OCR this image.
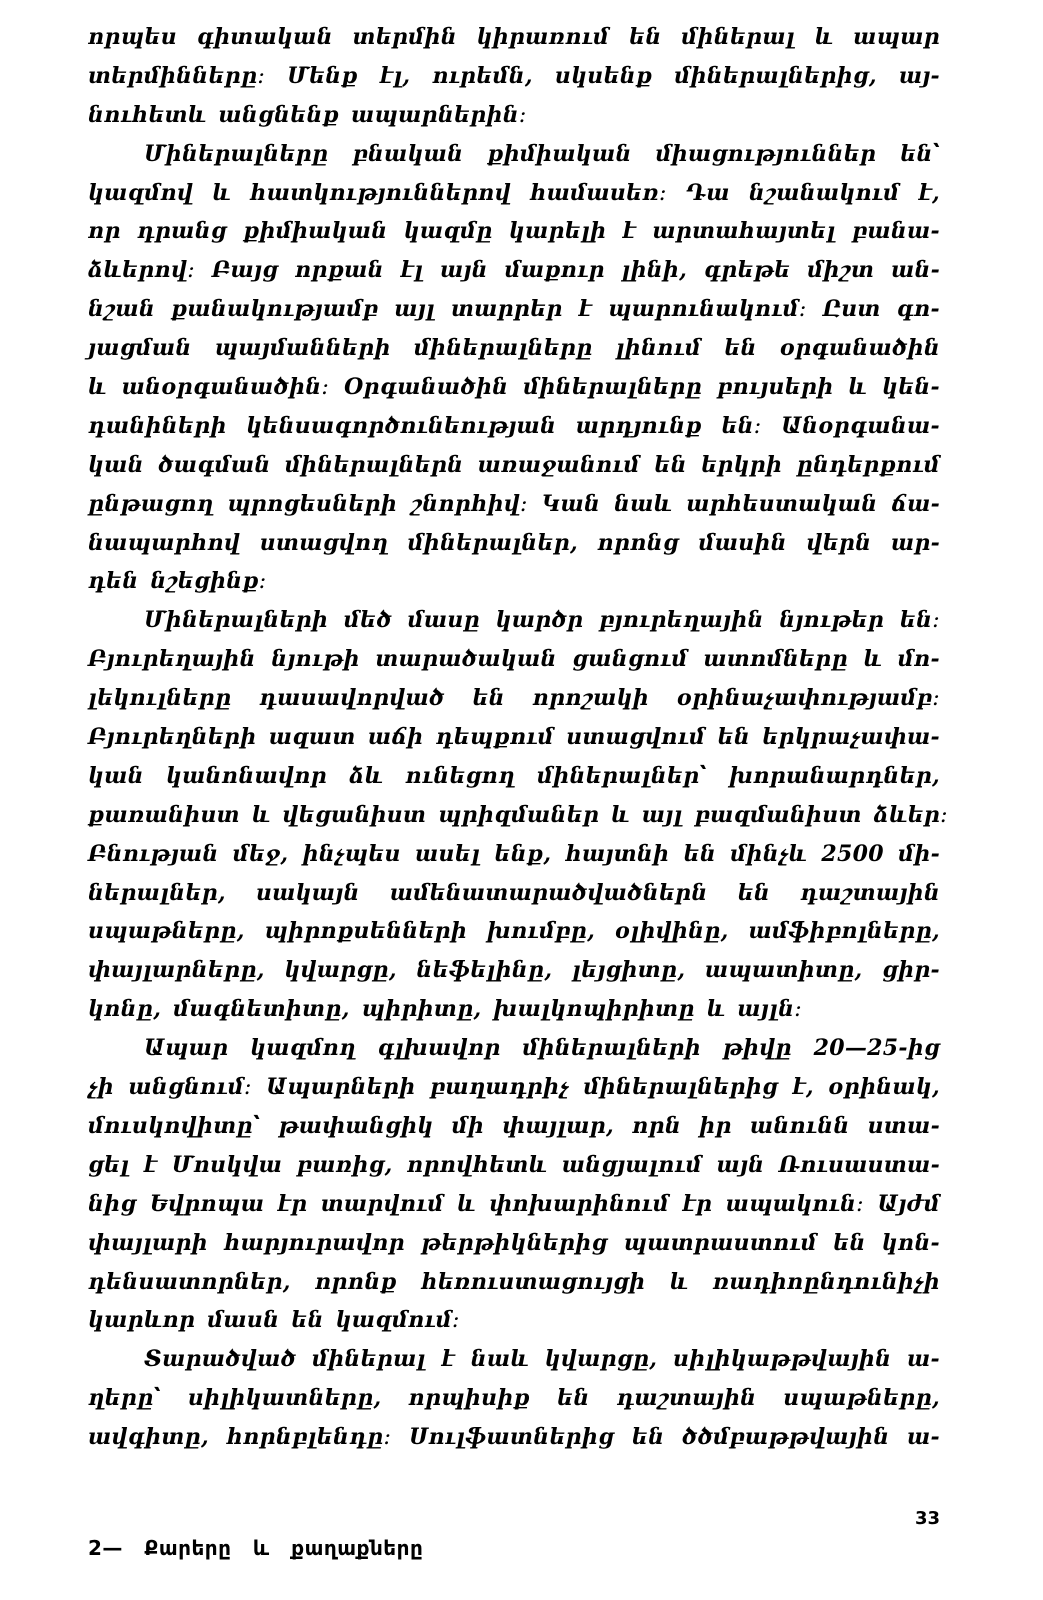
որպես գիտական տերմին կիրառում են միներալ և ապար
տերմինները։ Մենք էլ, ուրեմն, սկսենք միներալներից, այ-
նուհետև անցնենք ապարներին։
Միներալները բնական քիմիական միացություններ են՝
կազմով և հատկություններով համասեռ։ Դա նշանակում է,
որ դրանց քիմիական կազմը կարելի է արտահայտել բանա-
ձևերով։ Բայց որքան էլ այն մաքուր լինի, գրեթե միշտ ան-
նշան քանակությամբ այլ տարրեր է պարունակում։ Ըստ գո-
յացման պայմանների միներալները լինում են օրգանածին
և անօրգանածին։ Օրգանածին միներալները բույսերի և կեն-
դանիների կենսագործունեության արդյունք են։ Անօրգանա-
կան ծագման միներալներն առաջանում են երկրի ընդերքում
ընթացող պրոցեսների շնորհիվ։ Կան նաև արհեստական ճա-
նապարհով ստացվող միներալներ, որոնց մասին վերն ար-
դեն նշեցինք։
Միներալների մեծ մասը կարծր բյուրեղային նյութեր են։
Բյուրեղային նյութի տարածական ցանցում ատոմները և մո-
լեկուլները դասավորված են որոշակի օրինաչափությամբ։
Բյուրեղների ազատ աճի դեպքում ստացվում են երկրաչափա-
կան կանոնավոր ձև ունեցող միներալներ՝ խորանարդներ,
քառանիստ և վեցանիստ պրիզմաներ և այլ բազմանիստ ձևեր։
Բնության մեջ, ինչպես ասել ենք, հայտնի են մինչև 2500 մի-
ներալներ, սակայն ամենատարածվածներն են դաշտային
սպաթները, պիրոքսենների խումբը, օլիվինը, ամֆիբոլները,
փայլարները, կվարցը, նեֆելինը, լեյցիտը, ապատիտը, ցիր-
կոնը, մագնետիտը, պիրիտը, խալկոպիրիտը և այլն։
Ապար կազմող գլխավոր միներալների թիվը 20—25-ից
չի անցնում։ Ապարների բաղադրիչ միներալներից է, օրինակ,
մուսկովիտը՝ թափանցիկ մի փայլար, որն իր անունն ստա-
ցել է Մոսկվա բառից, որովհետև անցյալում այն Ռուսաստա-
նից Եվրոպա էր տարվում և փոխարինում էր ապակուն։ Այժմ
փայլարի հարյուրավոր թերթիկներից պատրաստում են կոն-
դենսատորներ, որոնք հեռուստացույցի և ռադիոընդունիչի
կարևոր մասն են կազմում։
Տարածված միներալ է նաև կվարցը, սիլիկաթթվային ա-
ղերը՝ սիլիկատները, որպիսիք են դաշտային սպաթները,
ավգիտը, հորնբլենդը։ Սուլֆատներից են ծծմբաթթվային ա-
2— Քարերը և քաղաքները
33
